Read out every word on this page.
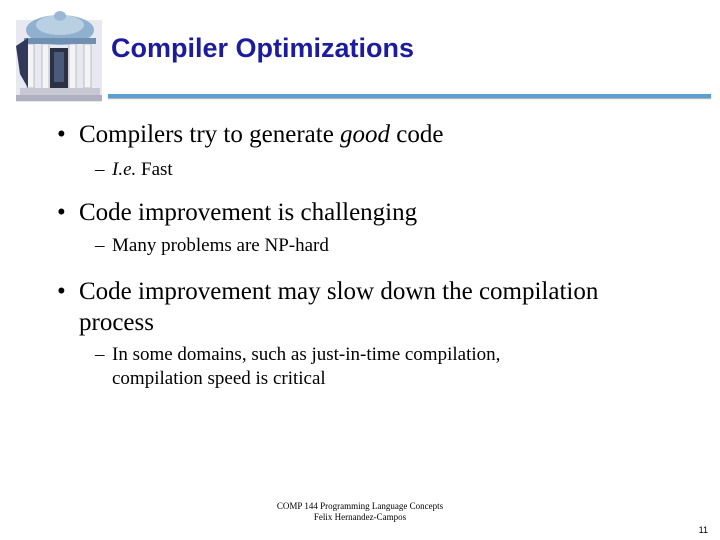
Compiler Optimizations
• Compilers try to generate good code
– I.e. Fast
• Code improvement is challenging
– Many problems are NP-hard
• Code improvement may slow down the compilation
process
– In some domains, such as just-in-time compilation,
compilation speed is critical
COMP 144 Programming Language Concepts
Felix Hernandez-Campos
11
